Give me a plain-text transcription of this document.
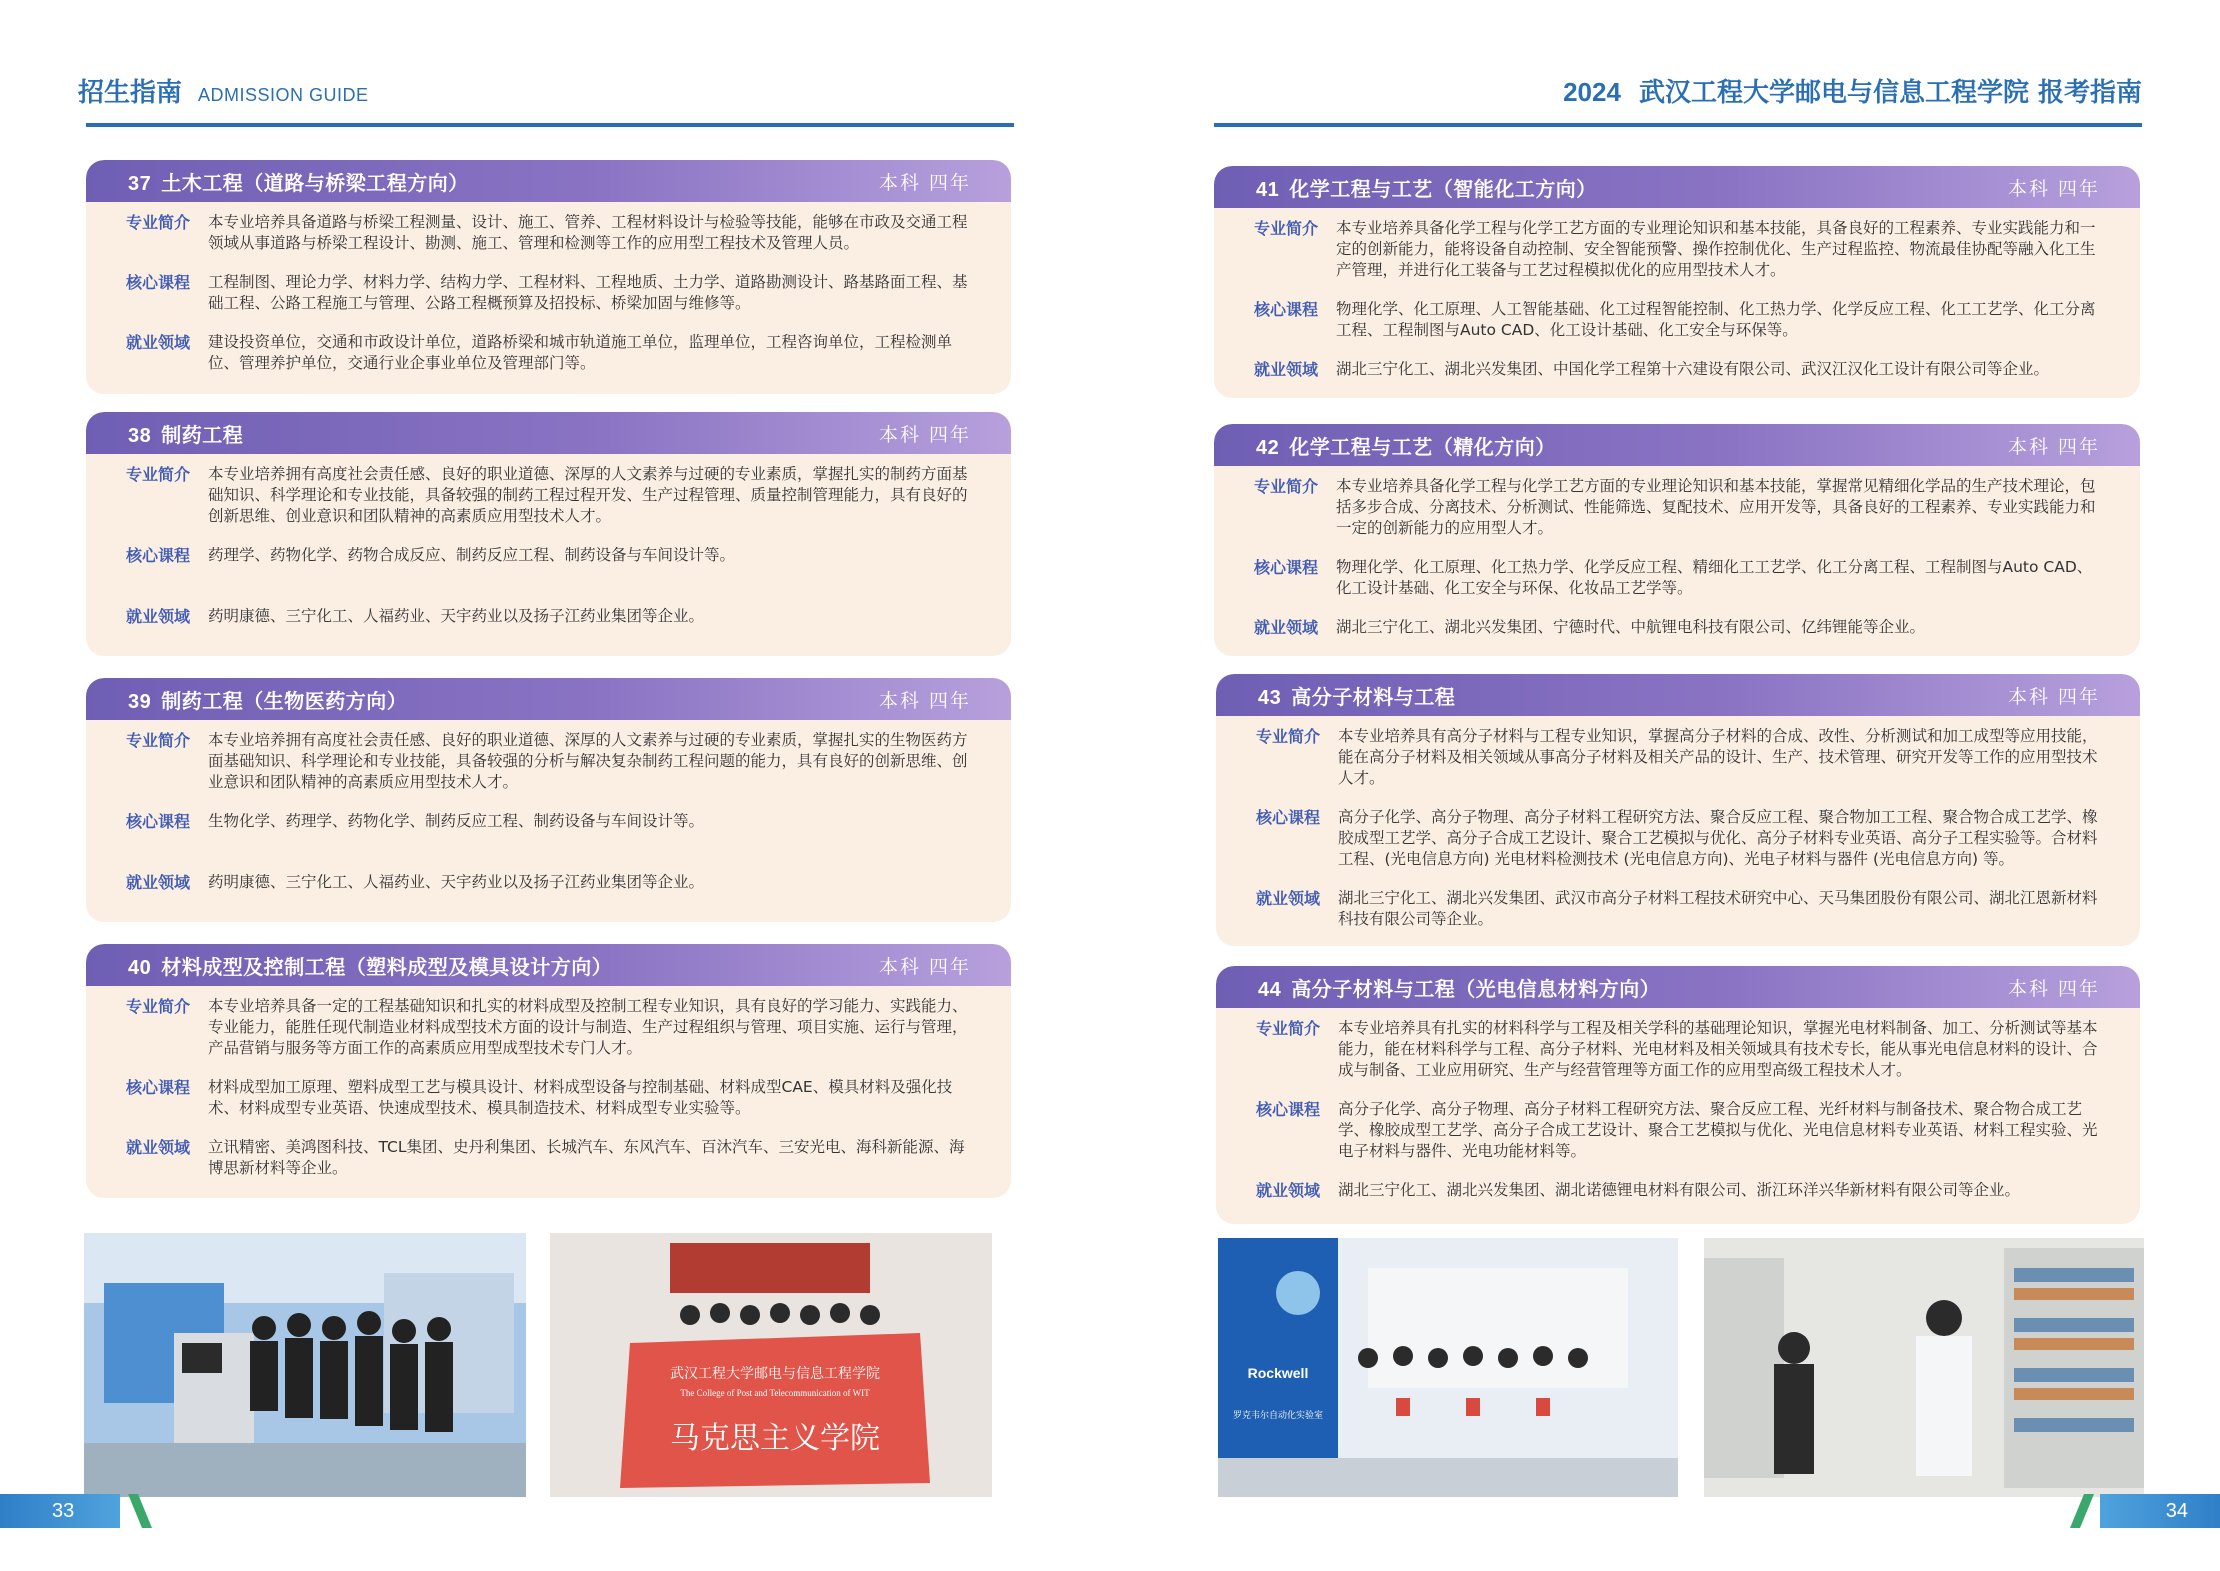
招生指南 ADMISSION GUIDE
37 土木工程（道路与桥梁工程方向）	本科 四年
专业简介	本专业培养具备道路与桥梁工程测量、设计、施工、管养、工程材料设计与检验等技能，能够在市政及交通工程领域从事道路与桥梁工程设计、勘测、施工、管理和检测等工作的应用型工程技术及管理人员。
核心课程	工程制图、理论力学、材料力学、结构力学、工程材料、工程地质、土力学、道路勘测设计、路基路面工程、基础工程、公路工程施工与管理、公路工程概预算及招投标、桥梁加固与维修等。
就业领域	建设投资单位，交通和市政设计单位，道路桥梁和城市轨道施工单位，监理单位，工程咨询单位，工程检测单位、管理养护单位，交通行业企事业单位及管理部门等。
38 制药工程	本科 四年
专业简介	本专业培养拥有高度社会责任感、良好的职业道德、深厚的人文素养与过硬的专业素质，掌握扎实的制药方面基础知识、科学理论和专业技能，具备较强的制药工程过程开发、生产过程管理、质量控制管理能力，具有良好的创新思维、创业意识和团队精神的高素质应用型技术人才。
核心课程	药理学、药物化学、药物合成反应、制药反应工程、制药设备与车间设计等。
就业领域	药明康德、三宁化工、人福药业、天宇药业以及扬子江药业集团等企业。
39 制药工程（生物医药方向）	本科 四年
专业简介	本专业培养拥有高度社会责任感、良好的职业道德、深厚的人文素养与过硬的专业素质，掌握扎实的生物医药方面基础知识、科学理论和专业技能，具备较强的分析与解决复杂制药工程问题的能力，具有良好的创新思维、创业意识和团队精神的高素质应用型技术人才。
核心课程	生物化学、药理学、药物化学、制药反应工程、制药设备与车间设计等。
就业领域	药明康德、三宁化工、人福药业、天宇药业以及扬子江药业集团等企业。
40 材料成型及控制工程（塑料成型及模具设计方向）	本科 四年
专业简介	本专业培养具备一定的工程基础知识和扎实的材料成型及控制工程专业知识，具有良好的学习能力、实践能力、专业能力，能胜任现代制造业材料成型技术方面的设计与制造、生产过程组织与管理、项目实施、运行与管理，产品营销与服务等方面工作的高素质应用型成型技术专门人才。
核心课程	材料成型加工原理、塑料成型工艺与模具设计、材料成型设备与控制基础、材料成型CAE、模具材料及强化技术、材料成型专业英语、快速成型技术、模具制造技术、材料成型专业实验等。
就业领域	立讯精密、美鸿图科技、TCL集团、史丹利集团、长城汽车、东风汽车、百沐汽车、三安光电、海科新能源、海博思新材料等企业。
武汉工程大学邮电与信息工程学院
The College of Post and Telecommunication of WIT
马克思主义学院
33
2024 武汉工程大学邮电与信息工程学院 报考指南
41 化学工程与工艺（智能化工方向）	本科 四年
专业简介	本专业培养具备化学工程与化学工艺方面的专业理论知识和基本技能，具备良好的工程素养、专业实践能力和一定的创新能力，能将设备自动控制、安全智能预警、操作控制优化、生产过程监控、物流最佳协配等融入化工生产管理，并进行化工装备与工艺过程模拟优化的应用型技术人才。
核心课程	物理化学、化工原理、人工智能基础、化工过程智能控制、化工热力学、化学反应工程、化工工艺学、化工分离工程、工程制图与Auto CAD、化工设计基础、化工安全与环保等。
就业领域	湖北三宁化工、湖北兴发集团、中国化学工程第十六建设有限公司、武汉江汉化工设计有限公司等企业。
42 化学工程与工艺（精化方向）	本科 四年
专业简介	本专业培养具备化学工程与化学工艺方面的专业理论知识和基本技能，掌握常见精细化学品的生产技术理论，包括多步合成、分离技术、分析测试、性能筛选、复配技术、应用开发等，具备良好的工程素养、专业实践能力和一定的创新能力的应用型人才。
核心课程	物理化学、化工原理、化工热力学、化学反应工程、精细化工工艺学、化工分离工程、工程制图与Auto CAD、化工设计基础、化工安全与环保、化妆品工艺学等。
就业领域	湖北三宁化工、湖北兴发集团、宁德时代、中航锂电科技有限公司、亿纬锂能等企业。
43 高分子材料与工程	本科 四年
专业简介	本专业培养具有高分子材料与工程专业知识，掌握高分子材料的合成、改性、分析测试和加工成型等应用技能，能在高分子材料及相关领域从事高分子材料及相关产品的设计、生产、技术管理、研究开发等工作的应用型技术人才。
核心课程	高分子化学、高分子物理、高分子材料工程研究方法、聚合反应工程、聚合物加工工程、聚合物合成工艺学、橡胶成型工艺学、高分子合成工艺设计、聚合工艺模拟与优化、高分子材料专业英语、高分子工程实验等。合材料工程、(光电信息方向) 光电材料检测技术 (光电信息方向)、光电子材料与器件 (光电信息方向) 等。
就业领域	湖北三宁化工、湖北兴发集团、武汉市高分子材料工程技术研究中心、天马集团股份有限公司、湖北江恩新材料科技有限公司等企业。
44 高分子材料与工程（光电信息材料方向）	本科 四年
专业简介	本专业培养具有扎实的材料科学与工程及相关学科的基础理论知识，掌握光电材料制备、加工、分析测试等基本能力，能在材料科学与工程、高分子材料、光电材料及相关领域具有技术专长，能从事光电信息材料的设计、合成与制备、工业应用研究、生产与经营管理等方面工作的应用型高级工程技术人才。
核心课程	高分子化学、高分子物理、高分子材料工程研究方法、聚合反应工程、光纤材料与制备技术、聚合物合成工艺学、橡胶成型工艺学、高分子合成工艺设计、聚合工艺模拟与优化、光电信息材料专业英语、材料工程实验、光电子材料与器件、光电功能材料等。
就业领域	湖北三宁化工、湖北兴发集团、湖北诺德锂电材料有限公司、浙江环洋兴华新材料有限公司等企业。
Rockwell
罗克韦尔自动化实验室
34
